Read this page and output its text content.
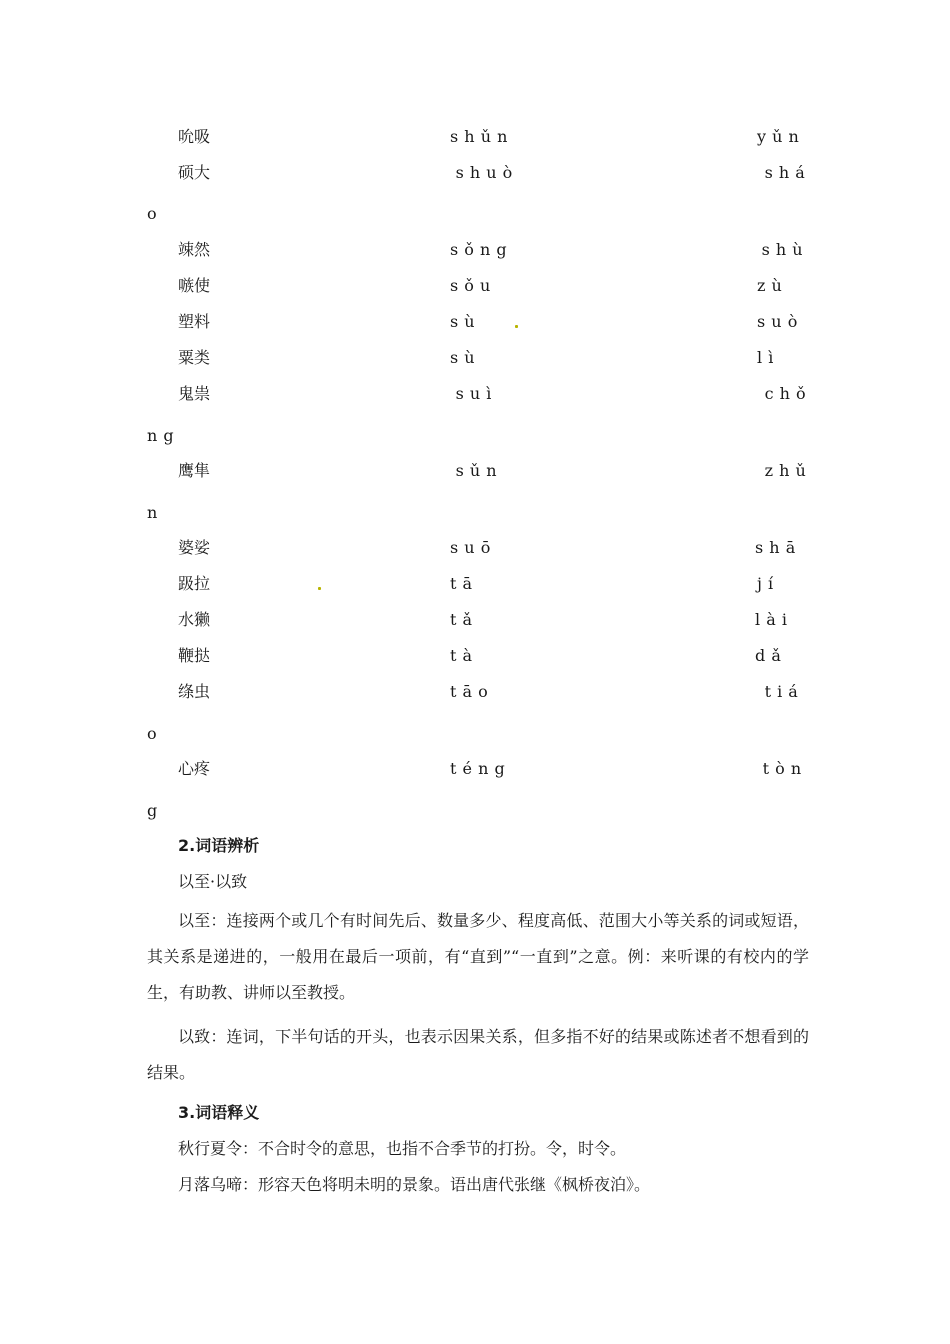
吮吸	s h ǔ n	y ǔ n
硕大	s h u ò	s h á
o
竦然	s ǒ n g	s h ù
嗾使	s ǒ u	z ù
塑料	s ù	s u ò
粟类	s ù	l ì
鬼祟	s u ì	c h ǒ
n g
鹰隼	s ǔ n	z h ǔ
n
婆娑	s u ō	s h ā
趿拉	t ā	j í
水獭	t ǎ	l à i
鞭挞	t à	d ǎ
绦虫	t ā o	t i á
o
心疼	t é n g	t ò n
g
2.词语辨析
以至·以致
以至：连接两个或几个有时间先后、数量多少、程度高低、范围大小等关系的词或短语，其关系是递进的，一般用在最后一项前，有“直到”“一直到”之意。例：来听课的有校内的学生，有助教、讲师以至教授。
以致：连词，下半句话的开头，也表示因果关系，但多指不好的结果或陈述者不想看到的结果。
3.词语释义
秋行夏令：不合时令的意思，也指不合季节的打扮。令，时令。
月落乌啼：形容天色将明未明的景象。语出唐代张继《枫桥夜泊》。
